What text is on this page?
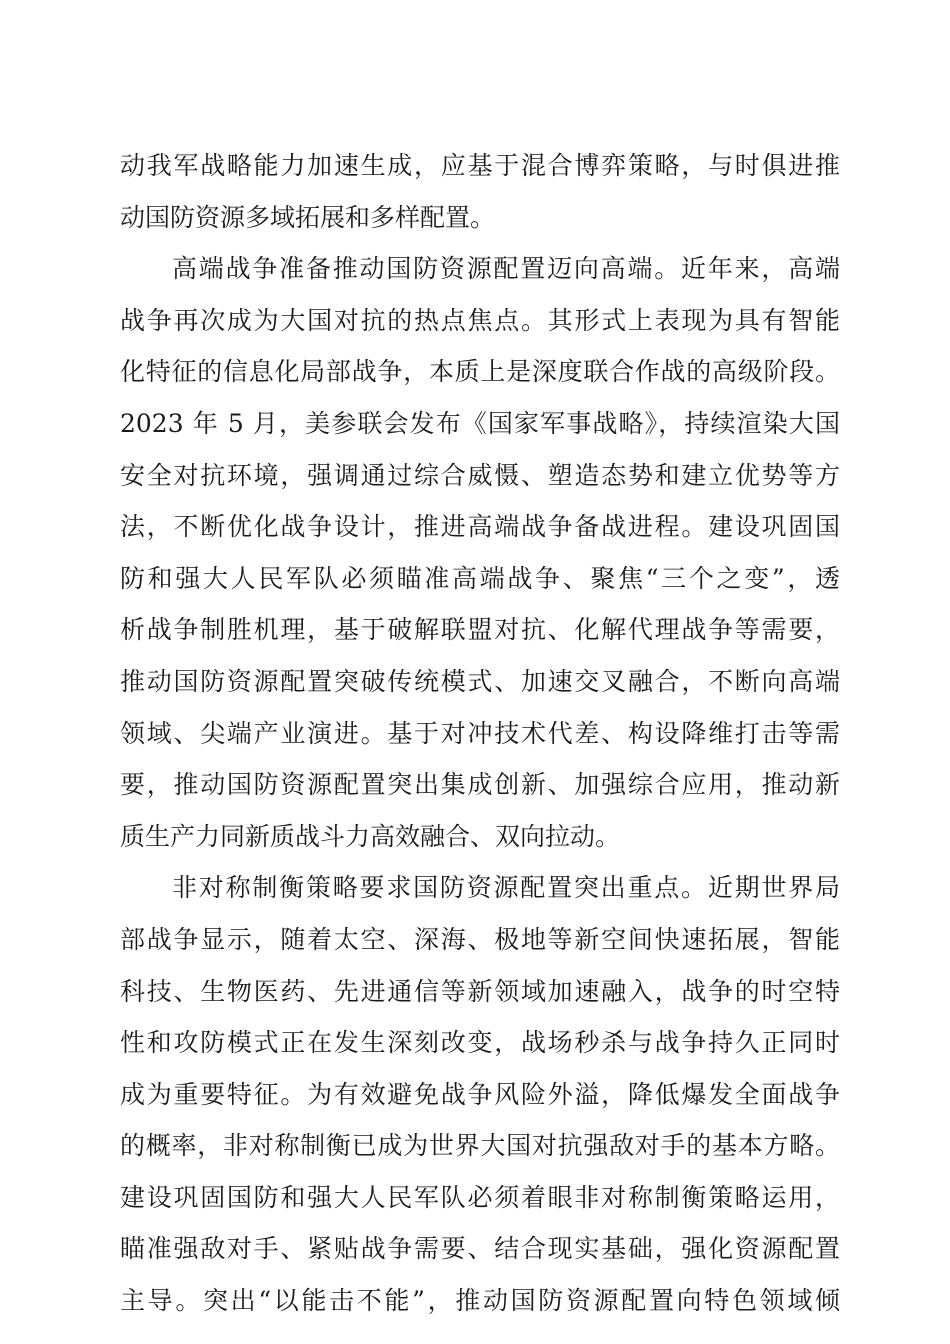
动我军战略能力加速生成，应基于混合博弈策略，与时俱进推
动国防资源多域拓展和多样配置。
高端战争准备推动国防资源配置迈向高端。近年来，高端
战争再次成为大国对抗的热点焦点。其形式上表现为具有智能
化特征的信息化局部战争，本质上是深度联合作战的高级阶段。
2023 年 5 月，美参联会发布《国家军事战略》，持续渲染大国
安全对抗环境，强调通过综合威慑、塑造态势和建立优势等方
法，不断优化战争设计，推进高端战争备战进程。建设巩固国
防和强大人民军队必须瞄准高端战争、聚焦“三个之变”，透
析战争制胜机理，基于破解联盟对抗、化解代理战争等需要，
推动国防资源配置突破传统模式、加速交叉融合，不断向高端
领域、尖端产业演进。基于对冲技术代差、构设降维打击等需
要，推动国防资源配置突出集成创新、加强综合应用，推动新
质生产力同新质战斗力高效融合、双向拉动。
非对称制衡策略要求国防资源配置突出重点。近期世界局
部战争显示，随着太空、深海、极地等新空间快速拓展，智能
科技、生物医药、先进通信等新领域加速融入，战争的时空特
性和攻防模式正在发生深刻改变，战场秒杀与战争持久正同时
成为重要特征。为有效避免战争风险外溢，降低爆发全面战争
的概率，非对称制衡已成为世界大国对抗强敌对手的基本方略。
建设巩固国防和强大人民军队必须着眼非对称制衡策略运用，
瞄准强敌对手、紧贴战争需要、结合现实基础，强化资源配置
主导。突出“以能击不能”，推动国防资源配置向特色领域倾
